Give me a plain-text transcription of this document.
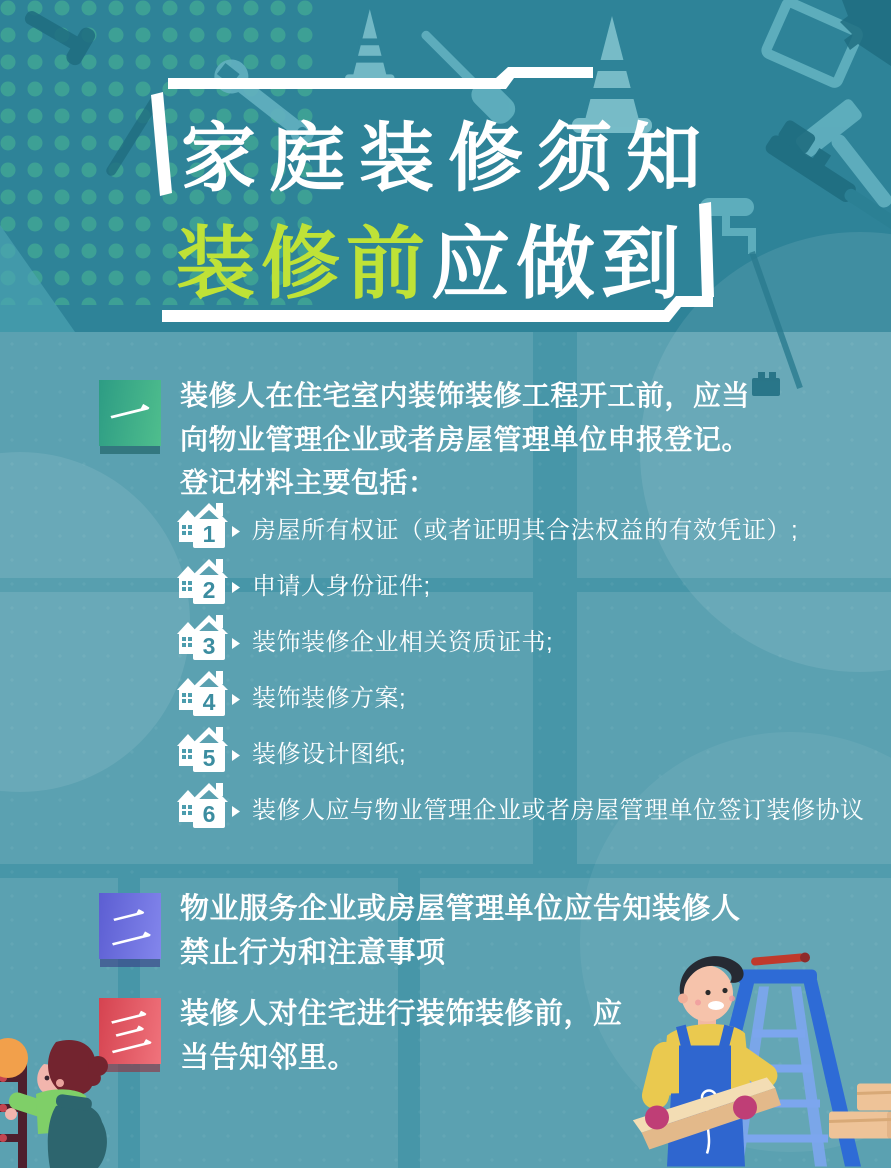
家庭装修须知
装修前应做到
一 装修人在住宅室内装饰装修工程开工前，应当向物业管理企业或者房屋管理单位申报登记。登记材料主要包括：

1 房屋所有权证（或者证明其合法权益的有效凭证）;
2 申请人身份证件;
3 装饰装修企业相关资质证书;
4 装饰装修方案;
5 装修设计图纸;
6 装修人应与物业管理企业或者房屋管理单位签订装修协议
二 物业服务企业或房屋管理单位应告知装修人禁止行为和注意事项

三 装修人对住宅进行装饰装修前，应当告知邻里。
